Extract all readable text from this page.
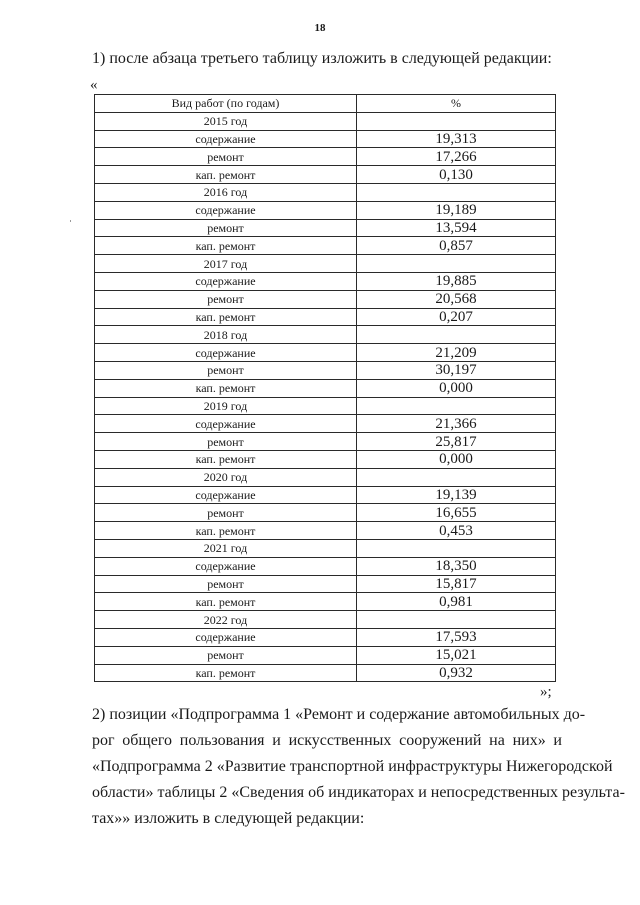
18
1) после абзаца третьего таблицу изложить в следующей редакции:
«
Вид работ (по годам)	%
2015 год	
содержание	19,313
ремонт	17,266
кап. ремонт	0,130
2016 год	
содержание	19,189
ремонт	13,594
кап. ремонт	0,857
2017 год	
содержание	19,885
ремонт	20,568
кап. ремонт	0,207
2018 год	
содержание	21,209
ремонт	30,197
кап. ремонт	0,000
2019 год	
содержание	21,366
ремонт	25,817
кап. ремонт	0,000
2020 год	
содержание	19,139
ремонт	16,655
кап. ремонт	0,453
2021 год	
содержание	18,350
ремонт	15,817
кап. ремонт	0,981
2022 год	
содержание	17,593
ремонт	15,021
кап. ремонт	0,932
»;
2) позиции «Подпрограмма 1 «Ремонт и содержание автомобильных до-
рог общего пользования и искусственных сооружений на них» и
«Подпрограмма 2 «Развитие транспортной инфраструктуры Нижегородской
области» таблицы 2 «Сведения об индикаторах и непосредственных результа-
тах»» изложить в следующей редакции:
